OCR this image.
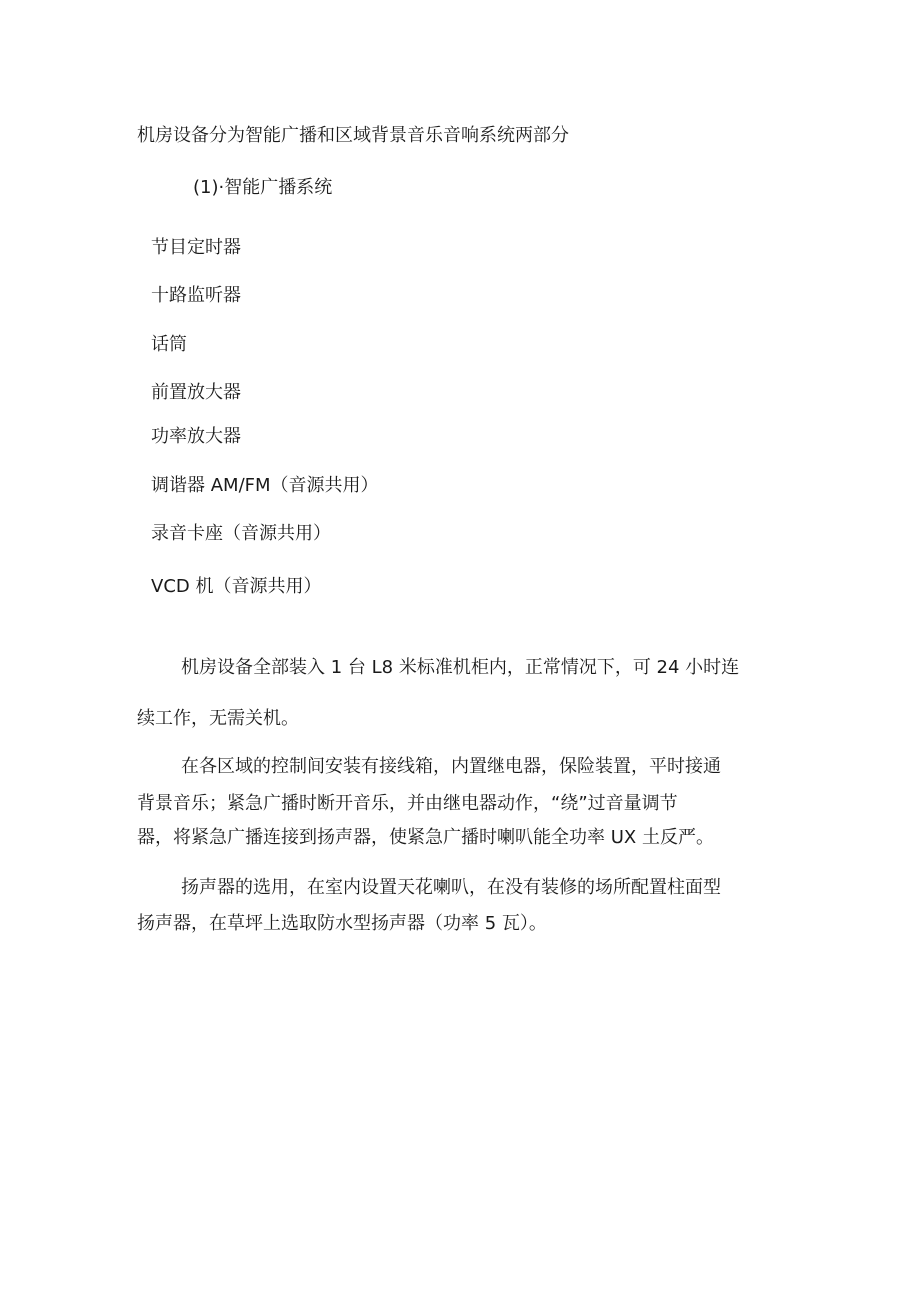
机房设备分为智能广播和区域背景音乐音响系统两部分
(1)·智能广播系统
节目定时器
十路监听器
话筒
前置放大器
功率放大器
调谐器 AM∕FM（音源共用）
录音卡座（音源共用）
VCD 机（音源共用）
机房设备全部装入 1 台 L8 米标准机柜内，正常情况下，可 24 小时连
续工作，无需关机。
在各区域的控制间安装有接线箱，内置继电器，保险装置，平时接通
背景音乐；紧急广播时断开音乐，并由继电器动作，“绕”过音量调节
器，将紧急广播连接到扬声器，使紧急广播时喇叭能全功率 UX 土反严。
扬声器的选用，在室内设置天花喇叭，在没有装修的场所配置柱面型
扬声器，在草坪上选取防水型扬声器（功率 5 瓦）。
